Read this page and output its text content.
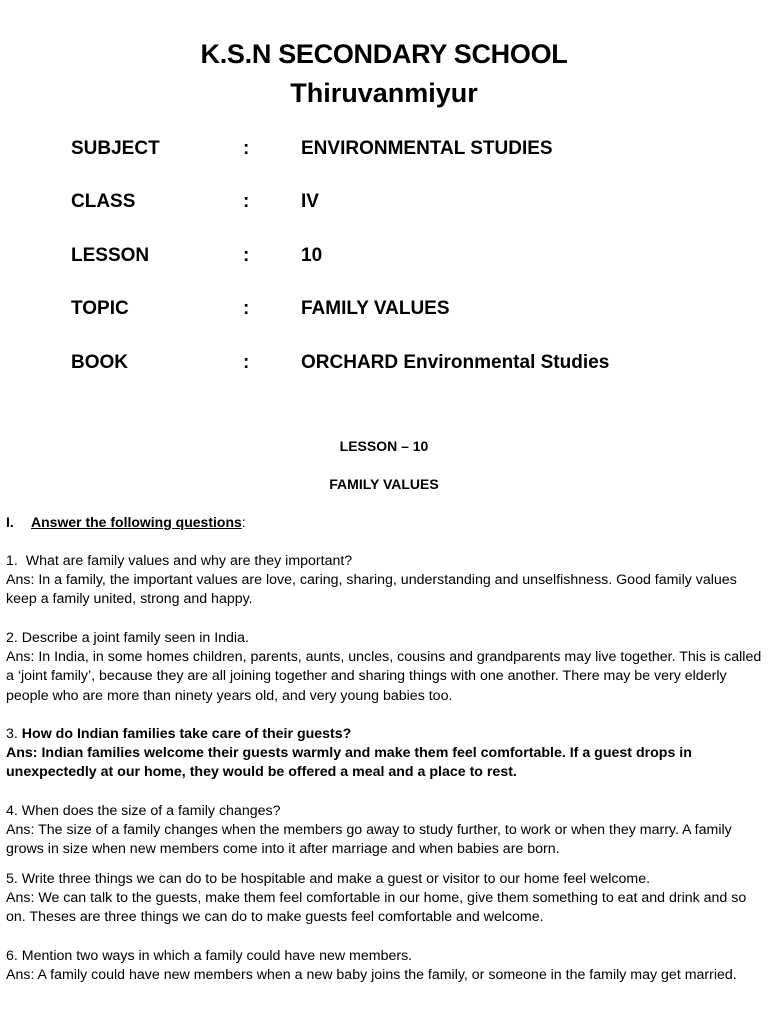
K.S.N SECONDARY SCHOOL
Thiruvanmiyur
SUBJECT	:	ENVIRONMENTAL STUDIES
CLASS	:	IV
LESSON	:	10
TOPIC	:	FAMILY VALUES
BOOK	:	ORCHARD Environmental Studies
LESSON – 10
FAMILY VALUES
I. Answer the following questions:

1. What are family values and why are they important?

Ans: In a family, the important values are love, caring, sharing, understanding and unselfishness. Good family values keep a family united, strong and happy.

2. Describe a joint family seen in India.

Ans: In India, in some homes children, parents, aunts, uncles, cousins and grandparents may live together. This is called a ‘joint family’, because they are all joining together and sharing things with one another. There may be very elderly people who are more than ninety years old, and very young babies too.

3. How do Indian families take care of their guests?

Ans: Indian families welcome their guests warmly and make them feel comfortable. If a guest drops in unexpectedly at our home, they would be offered a meal and a place to rest.

4. When does the size of a family changes?

Ans: The size of a family changes when the members go away to study further, to work or when they marry. A family grows in size when new members come into it after marriage and when babies are born.

5. Write three things we can do to be hospitable and make a guest or visitor to our home feel welcome.

Ans: We can talk to the guests, make them feel comfortable in our home, give them something to eat and drink and so on. Theses are three things we can do to make guests feel comfortable and welcome.

6. Mention two ways in which a family could have new members.

Ans: A family could have new members when a new baby joins the family, or someone in the family may get married.
